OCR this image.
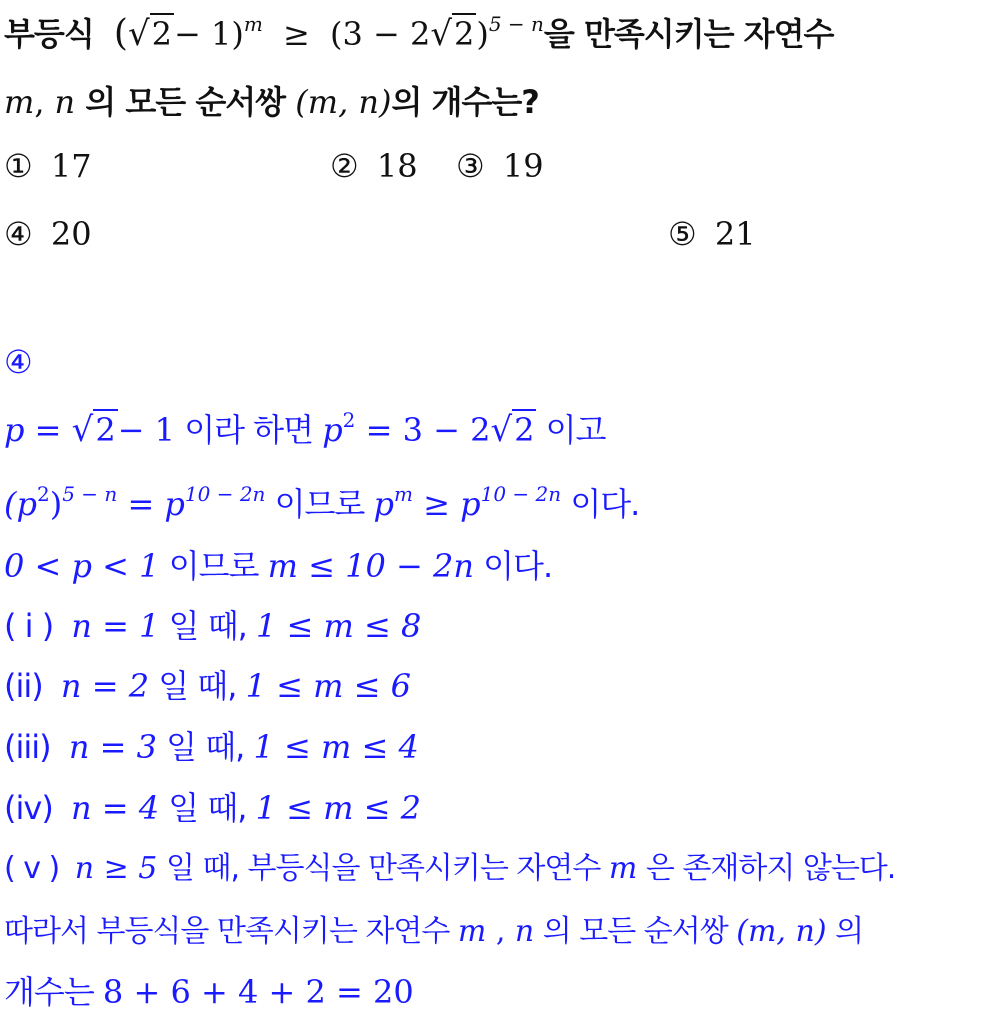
부등식 $(√2- 1)^m \ge (3 - 2√2)^{5 - n}$을 만족시키는 자연수
m, n 의 모든 순서쌍 (m, n)의 개수는?
① 17	② 18 ③ 19
④ 20	⑤ 21
④
p = √2− 1 이라 하면 $p^2 = 3 - 2√2$ 이고
$(p^2)^{5 - n} = p^{10 - 2n}$ 이므로 $p^m \ge p^{10 - 2n}$ 이다.
0 < p < 1 이므로 m ≤ 10 − 2n 이다.
( i ) n = 1 일 때, 1 ≤ m ≤ 8
(ii) n = 2 일 때, 1 ≤ m ≤ 6
(iii) n = 3 일 때, 1 ≤ m ≤ 4
(iv) n = 4 일 때, 1 ≤ m ≤ 2
( v ) n ≥ 5 일 때, 부등식을 만족시키는 자연수 m 은 존재하지 않는다.
따라서 부등식을 만족시키는 자연수 m , n 의 모든 순서쌍 (m, n) 의
개수는 8 + 6 + 4 + 2 = 20
